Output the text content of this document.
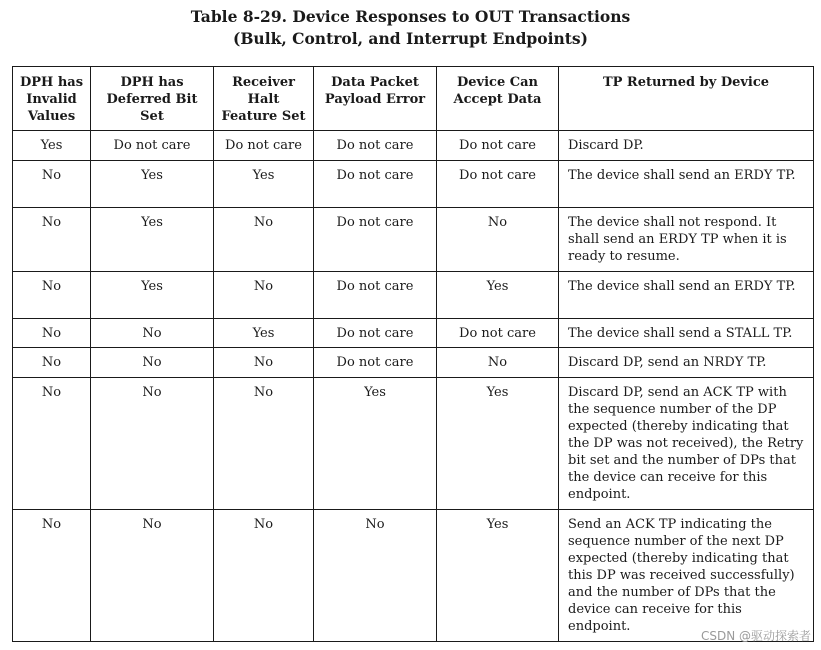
Table 8-29. Device Responses to OUT Transactions
(Bulk, Control, and Interrupt Endpoints)
DPH has Invalid Values	DPH has Deferred Bit Set	Receiver Halt Feature Set	Data Packet Payload Error	Device Can Accept Data	TP Returned by Device
Yes	Do not care	Do not care	Do not care	Do not care	Discard DP.
No	Yes	Yes	Do not care	Do not care	The device shall send an ERDY TP.
No	Yes	No	Do not care	No	The device shall not respond. It shall send an ERDY TP when it is ready to resume.
No	Yes	No	Do not care	Yes	The device shall send an ERDY TP.
No	No	Yes	Do not care	Do not care	The device shall send a STALL TP.
No	No	No	Do not care	No	Discard DP, send an NRDY TP.
No	No	No	Yes	Yes	Discard DP, send an ACK TP with the sequence number of the DP expected (thereby indicating that the DP was not received), the Retry bit set and the number of DPs that the device can receive for this endpoint.
No	No	No	No	Yes	Send an ACK TP indicating the sequence number of the next DP expected (thereby indicating that this DP was received successfully) and the number of DPs that the device can receive for this endpoint.
CSDN @驱动探索者
